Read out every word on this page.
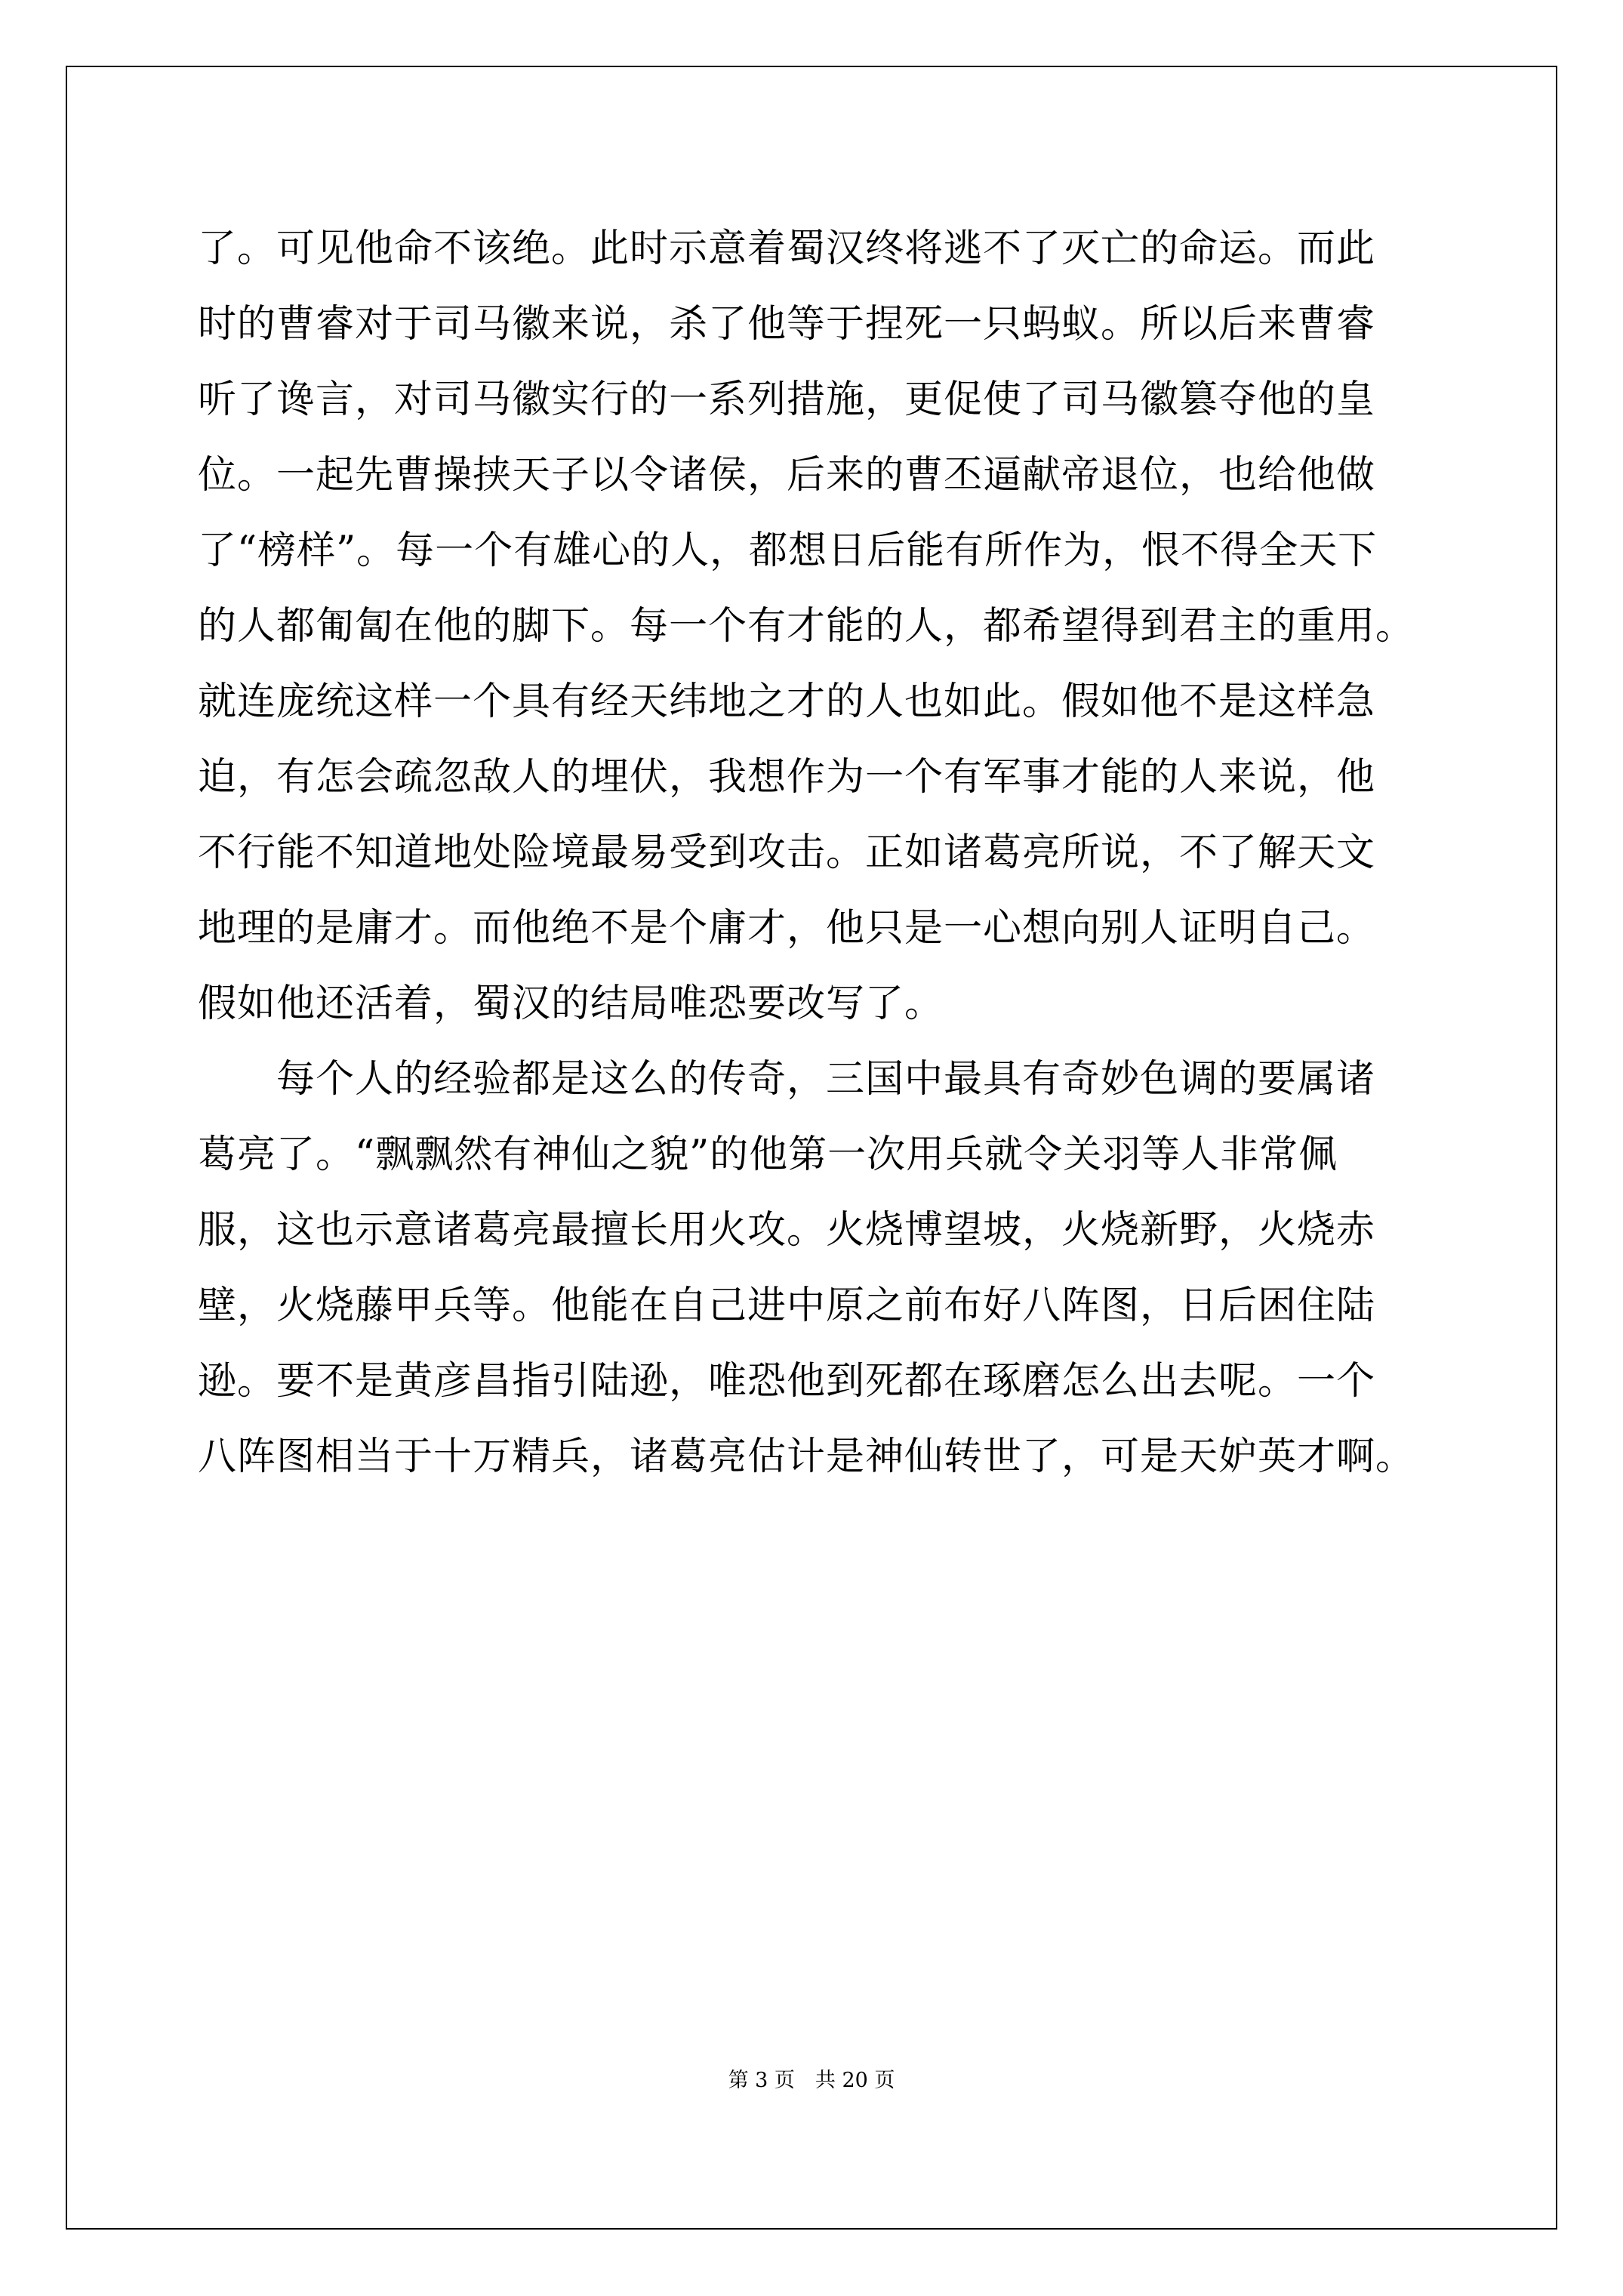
了。可见他命不该绝。此时示意着蜀汉终将逃不了灭亡的命运。而此
时的曹睿对于司马徽来说，杀了他等于捏死一只蚂蚁。所以后来曹睿
听了谗言，对司马徽实行的一系列措施，更促使了司马徽篡夺他的皇
位。一起先曹操挟天子以令诸侯，后来的曹丕逼献帝退位，也给他做
了“榜样”。每一个有雄心的人，都想日后能有所作为，恨不得全天下
的人都匍匐在他的脚下。每一个有才能的人，都希望得到君主的重用。
就连庞统这样一个具有经天纬地之才的人也如此。假如他不是这样急
迫，有怎会疏忽敌人的埋伏，我想作为一个有军事才能的人来说，他
不行能不知道地处险境最易受到攻击。正如诸葛亮所说，不了解天文
地理的是庸才。而他绝不是个庸才，他只是一心想向别人证明自己。
假如他还活着，蜀汉的结局唯恐要改写了。
　　每个人的经验都是这么的传奇，三国中最具有奇妙色调的要属诸
葛亮了。“飘飘然有神仙之貌”的他第一次用兵就令关羽等人非常佩
服，这也示意诸葛亮最擅长用火攻。火烧博望坡，火烧新野，火烧赤
壁，火烧藤甲兵等。他能在自己进中原之前布好八阵图，日后困住陆
逊。要不是黄彦昌指引陆逊，唯恐他到死都在琢磨怎么出去呢。一个
八阵图相当于十万精兵，诸葛亮估计是神仙转世了，可是天妒英才啊。
第 3 页　共 20 页
